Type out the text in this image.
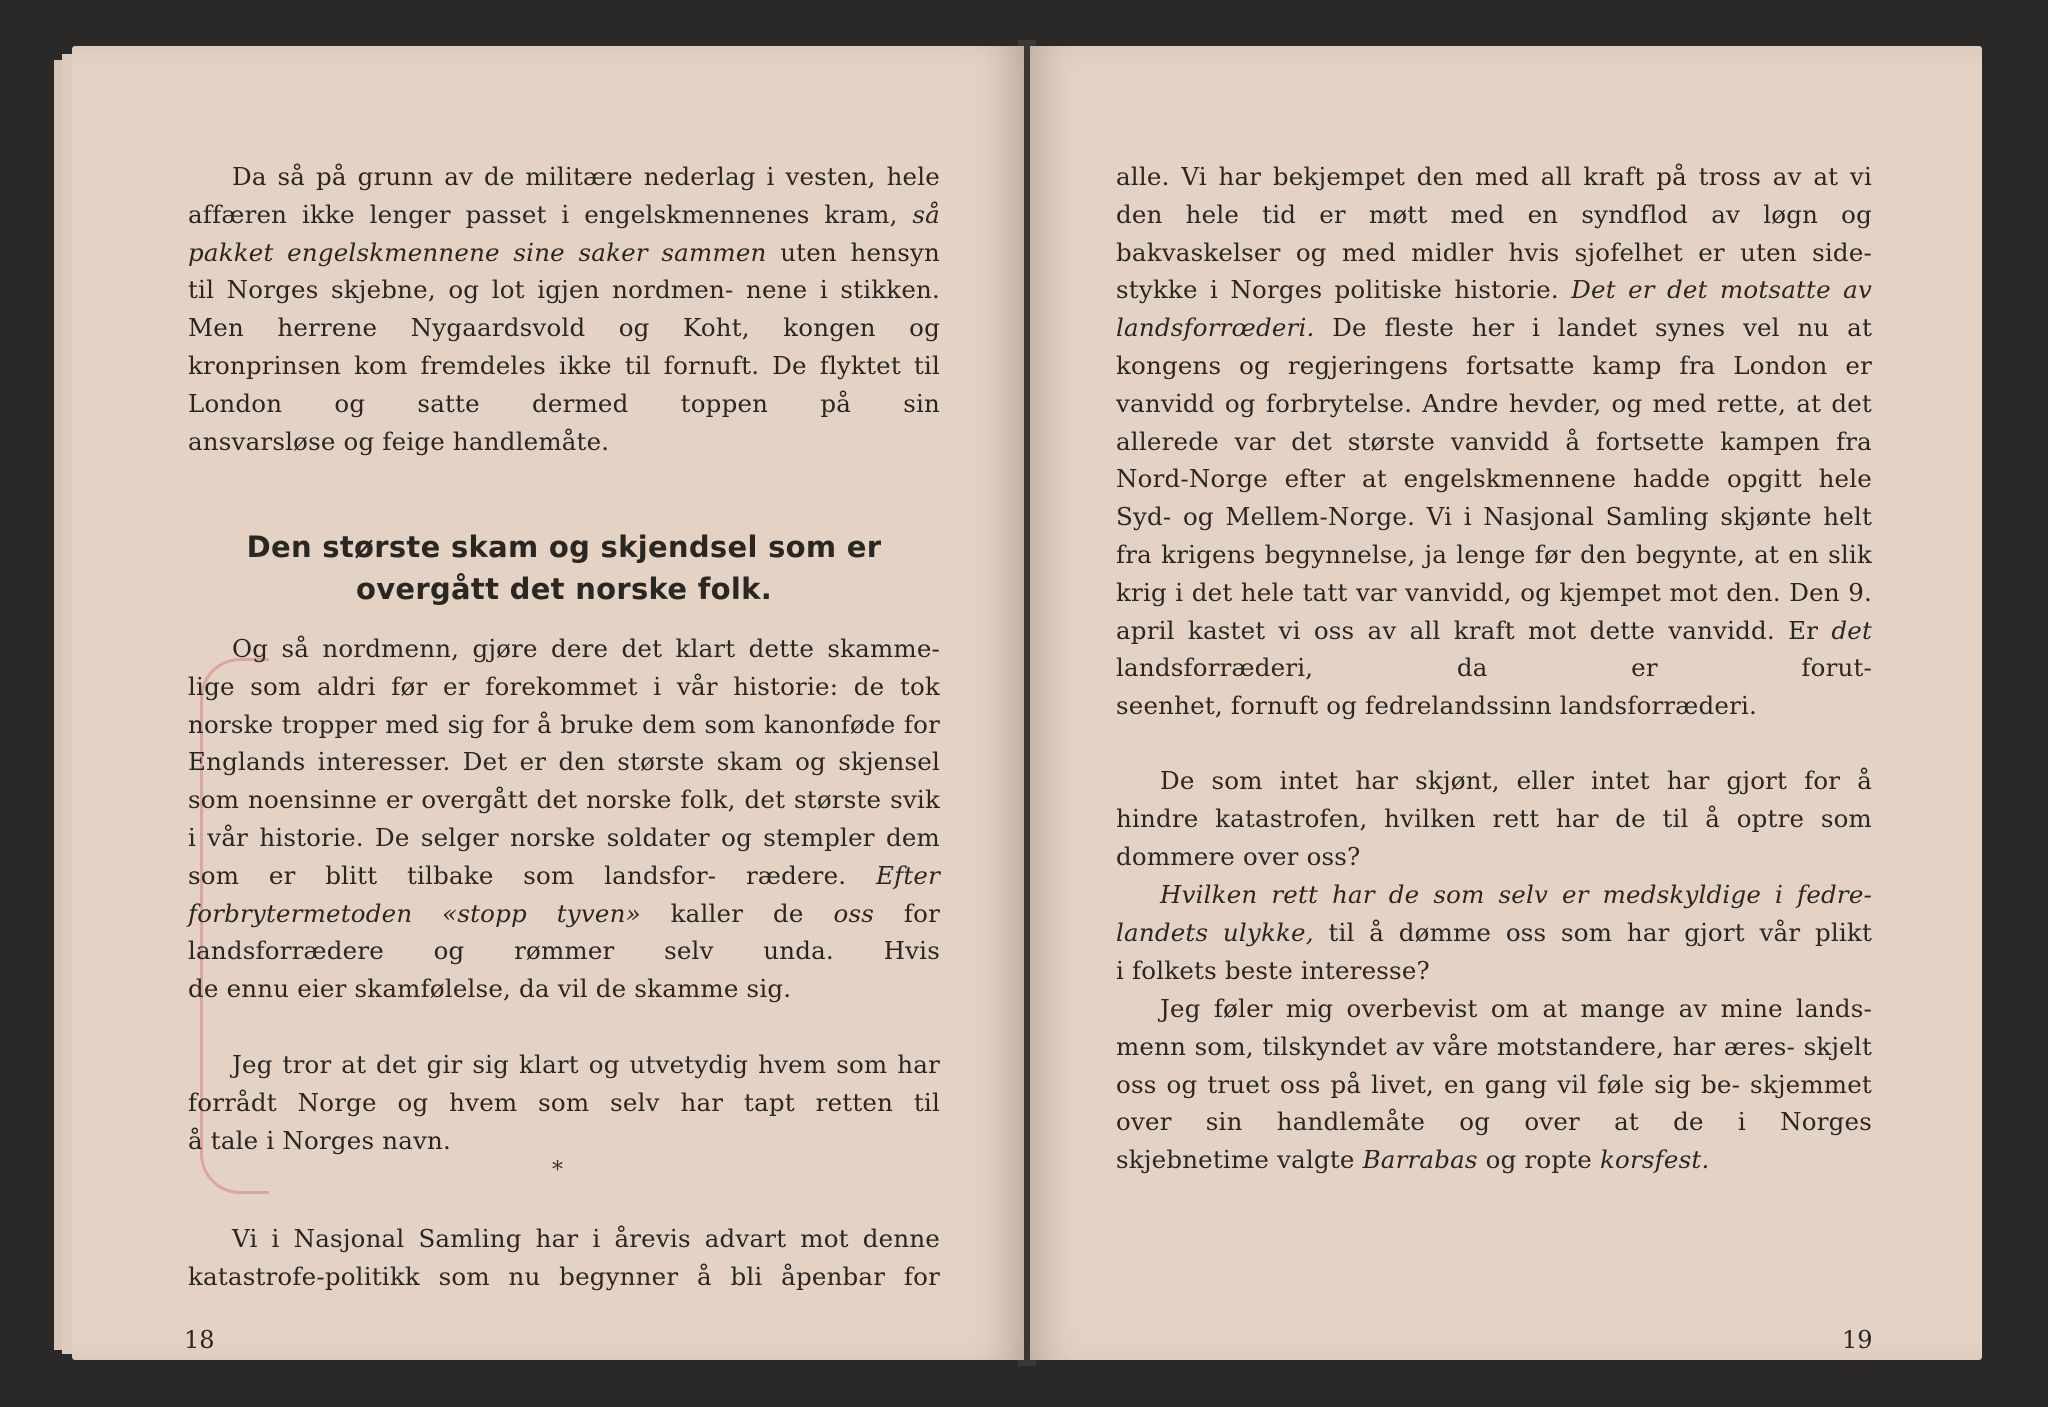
Da så på grunn av de militære nederlag i vesten, hele affæren ikke lenger passet i engelskmennenes kram, så pakket engelskmennene sine saker sammen uten hensyn til Norges skjebne, og lot igjen nordmen- nene i stikken. Men herrene Nygaardsvold og Koht, kongen og kronprinsen kom fremdeles ikke til fornuft. De flyktet til London og satte dermed toppen på sin

ansvarsløse og feige handlemåte.

Den største skam og skjendsel som er
overgått det norske folk.

Og så nordmenn, gjøre dere det klart dette skamme- lige som aldri før er forekommet i vår historie: de tok norske tropper med sig for å bruke dem som kanonføde for Englands interesser. Det er den største skam og skjensel som noensinne er overgått det norske folk, det største svik i vår historie. De selger norske soldater og stempler dem som er blitt tilbake som landsfor- rædere. Efter forbrytermetoden «stopp tyven» kaller de oss for landsforrædere og rømmer selv unda. Hvis

de ennu eier skamfølelse, da vil de skamme sig.

Jeg tror at det gir sig klart og utvetydig hvem som har forrådt Norge og hvem som selv har tapt retten til

å tale i Norges navn.

*

Vi i Nasjonal Samling har i årevis advart mot denne katastrofe-politikk som nu begynner å bli åpenbar for

18

alle. Vi har bekjempet den med all kraft på tross av at vi den hele tid er møtt med en syndflod av løgn og bakvaskelser og med midler hvis sjofelhet er uten side- stykke i Norges politiske historie. Det er det motsatte av landsforrœderi. De fleste her i landet synes vel nu at kongens og regjeringens fortsatte kamp fra London er vanvidd og forbrytelse. Andre hevder, og med rette, at det allerede var det største vanvidd å fortsette kampen fra Nord-Norge efter at engelskmennene hadde opgitt hele Syd- og Mellem-Norge. Vi i Nasjonal Samling skjønte helt fra krigens begynnelse, ja lenge før den begynte, at en slik krig i det hele tatt var vanvidd, og kjempet mot den. Den 9. april kastet vi oss av all kraft mot dette vanvidd. Er det landsforræderi, da er forut-

seenhet, fornuft og fedrelandssinn landsforræderi.

De som intet har skjønt, eller intet har gjort for å hindre katastrofen, hvilken rett har de til å optre som

dommere over oss?

Hvilken rett har de som selv er medskyldige i fedre- landets ulykke, til å dømme oss som har gjort vår plikt

i folkets beste interesse?

Jeg føler mig overbevist om at mange av mine lands- menn som, tilskyndet av våre motstandere, har æres- skjelt oss og truet oss på livet, en gang vil føle sig be- skjemmet over sin handlemåte og over at de i Norges

skjebnetime valgte Barrabas og ropte korsfest.

19
